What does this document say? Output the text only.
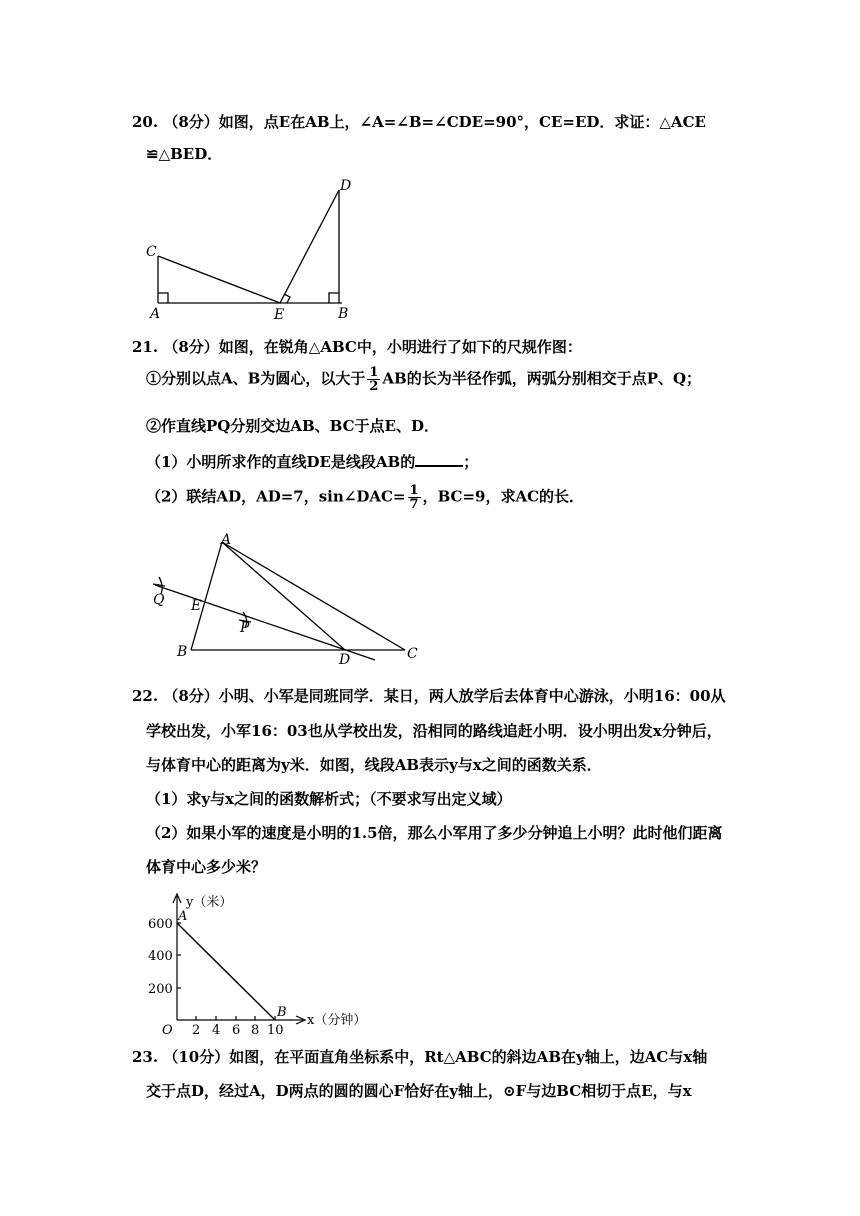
20. （8分）如图，点E在AB上，∠A=∠B=∠CDE=90°，CE=ED．求证：△ACE
≌△BED．
C
A	E	B
D
21. （8分）如图，在锐角△ABC中，小明进行了如下的尺规作图：
①分别以点A、B为圆心，以大于 $\frac{1}{2}$ AB的长为半径作弧，两弧分别相交于点P、Q；
②作直线PQ分别交边AB、BC于点E、D．
（1）小明所求作的直线DE是线段AB的	；
（2）联结AD，AD=7，sin∠DAC= $\frac{1}{7}$ ，BC=9，求AC的长．
A
Q E
P
B	D	C
22. （8分）小明、小军是同班同学．某日，两人放学后去体育中心游泳，小明16：00从
学校出发，小军16：03也从学校出发，沿相同的路线追赶小明．设小明出发x分钟后，
与体育中心的距离为y米．如图，线段AB表示y与x之间的函数关系．
（1）求y与x之间的函数解析式；（不要求写出定义域）
（2）如果小军的速度是小明的1.5倍，那么小军用了多少分钟追上小明？此时他们距离
体育中心多少米？
y（米）
x（分钟）
A
B
O
200
400
600
2 4 6 8 10
23. （10分）如图，在平面直角坐标系中，Rt△ABC的斜边AB在y轴上，边AC与x轴
交于点D，经过A，D两点的圆的圆心F恰好在y轴上，⊙F与边BC相切于点E，与x
